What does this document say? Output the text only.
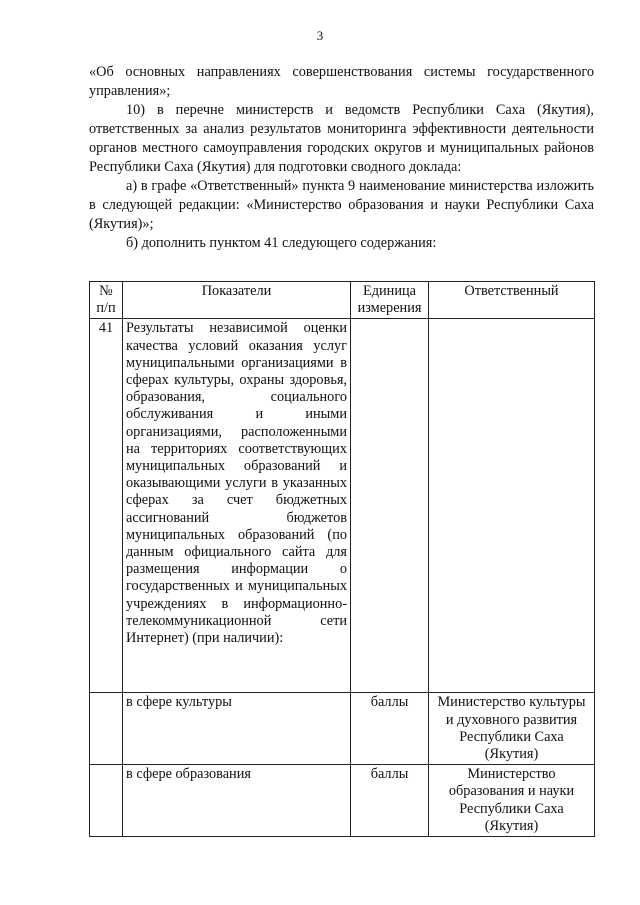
3

«Об основных направлениях совершенствования системы государственного управления»;

10) в перечне министерств и ведомств Республики Саха (Якутия), ответственных за анализ результатов мониторинга эффективности деятельности органов местного самоуправления городских округов и муниципальных районов Республики Саха (Якутия) для подготовки сводного доклада:

а) в графе «Ответственный» пункта 9 наименование министерства изложить в следующей редакции: «Министерство образования и науки Республики Саха (Якутия)»;

б) дополнить пунктом 41 следующего содержания:

№ п/п	Показатели	Единица измерения	Ответственный
41	Результаты независимой оценки качества условий оказания услуг муниципальными организациями в сферах культуры, охраны здоровья, образования, социального обслуживания и иными организациями, расположенными на территориях соответствующих муниципальных образований и оказывающими услуги в указанных сферах за счет бюджетных ассигнований бюджетов муниципальных образований (по данным официального сайта для размещения информации о государственных и муниципальных учреждениях в информационно-телекоммуникационной сети Интернет) (при наличии):		
	в сфере культуры	баллы	Министерство культуры и духовного развития Республики Саха (Якутия)
	в сфере образования	баллы	Министерство образования и науки Республики Саха (Якутия)
